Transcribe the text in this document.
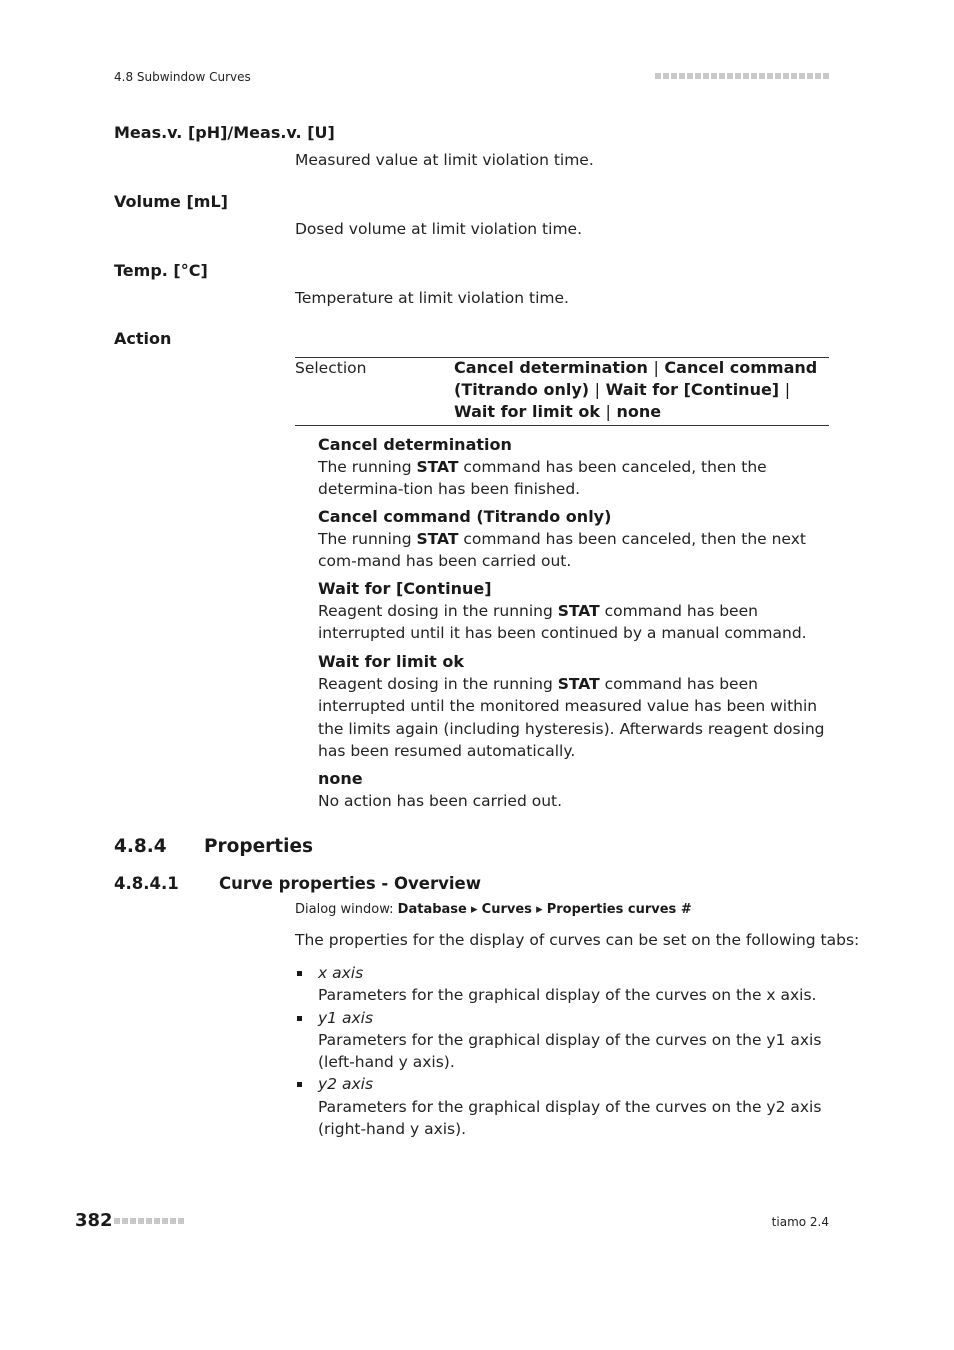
4.8 Subwindow Curves
Meas.v. [pH]/Meas.v. [U]
Measured value at limit violation time.
Volume [mL]
Dosed volume at limit violation time.
Temp. [°C]
Temperature at limit violation time.
Action
Selection	Cancel determination | Cancel command (Titrando only) | Wait for [Continue] | Wait for limit ok | none
Cancel determination
The running STAT command has been canceled, then the determina-tion has been finished.
Cancel command (Titrando only)
The running STAT command has been canceled, then the next com-mand has been carried out.
Wait for [Continue]
Reagent dosing in the running STAT command has been interrupted until it has been continued by a manual command.
Wait for limit ok
Reagent dosing in the running STAT command has been interrupted until the monitored measured value has been within the limits again (including hysteresis). Afterwards reagent dosing has been resumed automatically.
none
No action has been carried out.
4.8.4 Properties
4.8.4.1 Curve properties - Overview
Dialog window: Database ▸ Curves ▸ Properties curves #
The properties for the display of curves can be set on the following tabs:
x axis
Parameters for the graphical display of the curves on the x axis.
y1 axis
Parameters for the graphical display of the curves on the y1 axis (left-hand y axis).
y2 axis
Parameters for the graphical display of the curves on the y2 axis (right-hand y axis).
382	tiamo 2.4
